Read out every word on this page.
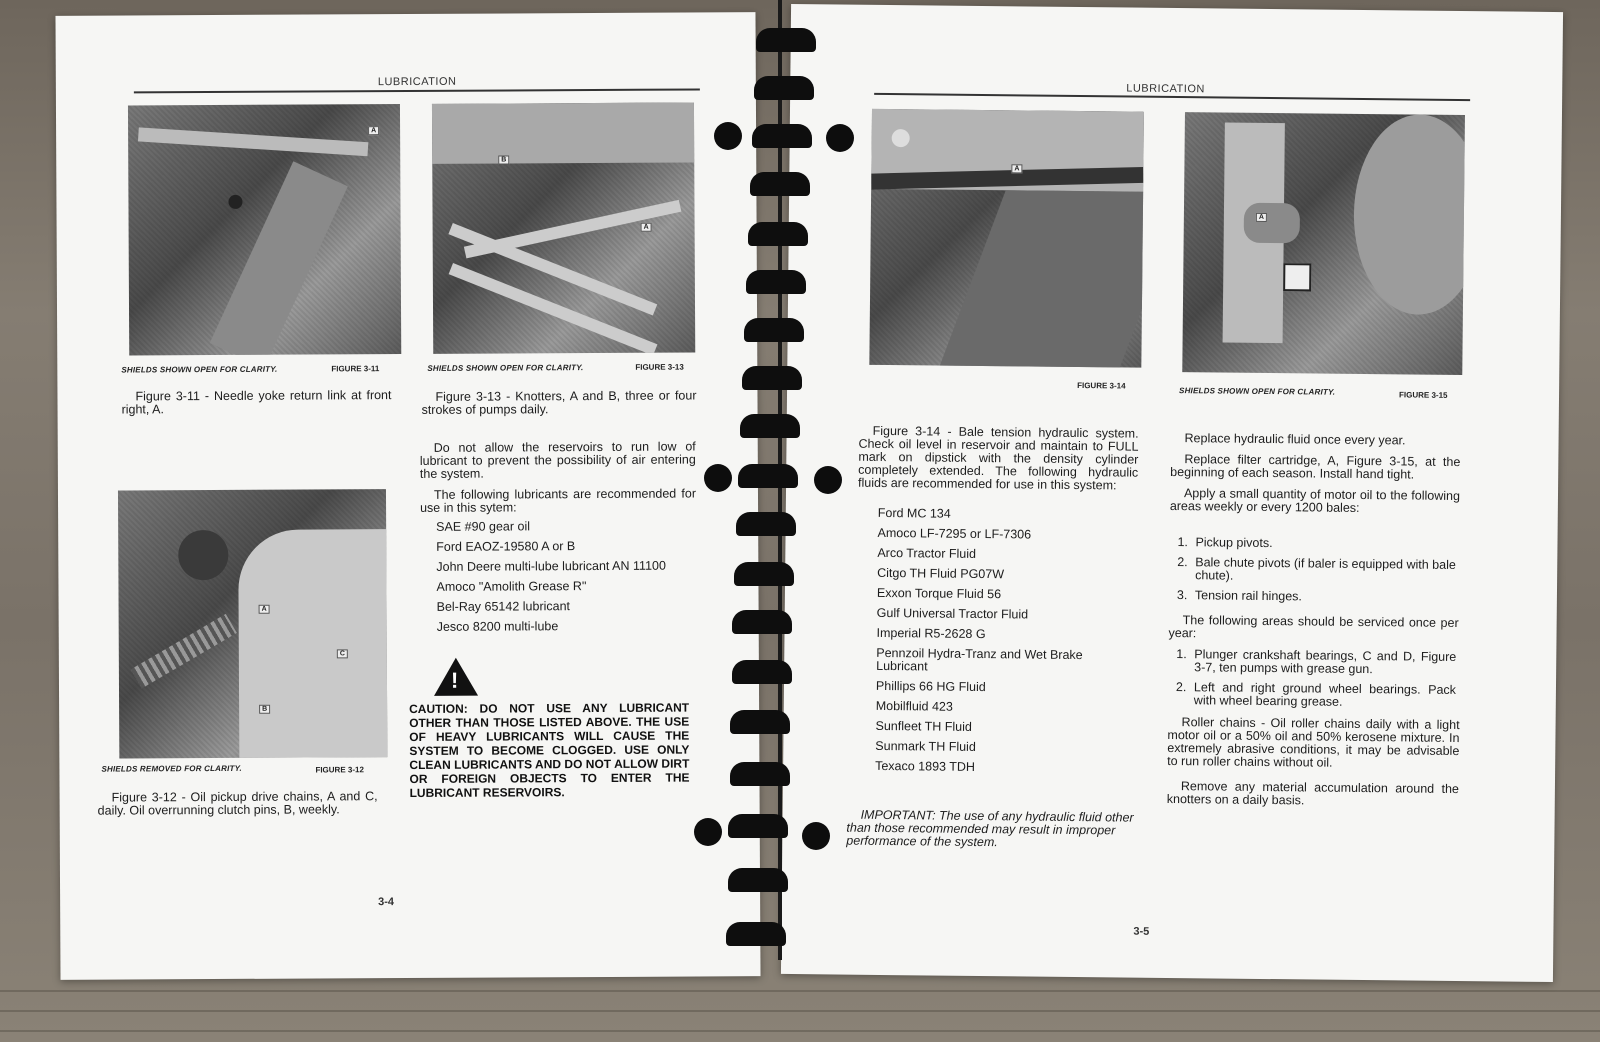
LUBRICATION
A
SHIELDS SHOWN OPEN FOR CLARITY.	FIGURE 3-11

Figure 3-11 - Needle yoke return link at front right, A.

B
A
SHIELDS SHOWN OPEN FOR CLARITY.	FIGURE 3-13

Figure 3-13 - Knotters, A and B, three or four strokes of pumps daily.

Do not allow the reservoirs to run low of lubricant to prevent the possibility of air entering the system.

The following lubricants are recommended for use in this sytem:

SAE #90 gear oil
Ford EAOZ-19580 A or B
John Deere multi-lube lubricant AN 11100
Amoco "Amolith Grease R"
Bel-Ray 65142 lubricant
Jesco 8200 multi-lube
!
CAUTION: DO NOT USE ANY LUBRICANT OTHER THAN THOSE LISTED ABOVE. THE USE OF HEAVY LUBRICANTS WILL CAUSE THE SYSTEM TO BECOME CLOGGED. USE ONLY CLEAN LUBRICANTS AND DO NOT ALLOW DIRT OR FOREIGN OBJECTS TO ENTER THE LUBRICANT RESERVOIRS.
A
B
C
SHIELDS REMOVED FOR CLARITY.	FIGURE 3-12

Figure 3-12 - Oil pickup drive chains, A and C, daily. Oil overrunning clutch pins, B, weekly.

3-4
LUBRICATION
A
FIGURE 3-14
A
SHIELDS SHOWN OPEN FOR CLARITY.	FIGURE 3-15

Figure 3-14 - Bale tension hydraulic system. Check oil level in reservoir and maintain to FULL mark on dipstick with the density cylinder completely extended. The following hydraulic fluids are recommended for use in this system:

Ford MC 134
Amoco LF-7295 or LF-7306
Arco Tractor Fluid
Citgo TH Fluid PG07W
Exxon Torque Fluid 56
Gulf Universal Tractor Fluid
Imperial R5-2628 G
Pennzoil Hydra-Tranz and Wet Brake Lubricant
Phillips 66 HG Fluid
Mobilfluid 423
Sunfleet TH Fluid
Sunmark TH Fluid
Texaco 1893 TDH
IMPORTANT: The use of any hydraulic fluid other than those recommended may result in improper performance of the system.

Replace hydraulic fluid once every year.

Replace filter cartridge, A, Figure 3-15, at the beginning of each season. Install hand tight.

Apply a small quantity of motor oil to the following areas weekly or every 1200 bales:

1. Pickup pivots.
2. Bale chute pivots (if baler is equipped with bale chute).
3. Tension rail hinges.

The following areas should be serviced once per year:

1. Plunger crankshaft bearings, C and D, Figure 3-7, ten pumps with grease gun.
2. Left and right ground wheel bearings. Pack with wheel bearing grease.

Roller chains - Oil roller chains daily with a light motor oil or a 50% oil and 50% kerosene mixture. In extremely abrasive conditions, it may be advisable to run roller chains without oil.

Remove any material accumulation around the knotters on a daily basis.

3-5
